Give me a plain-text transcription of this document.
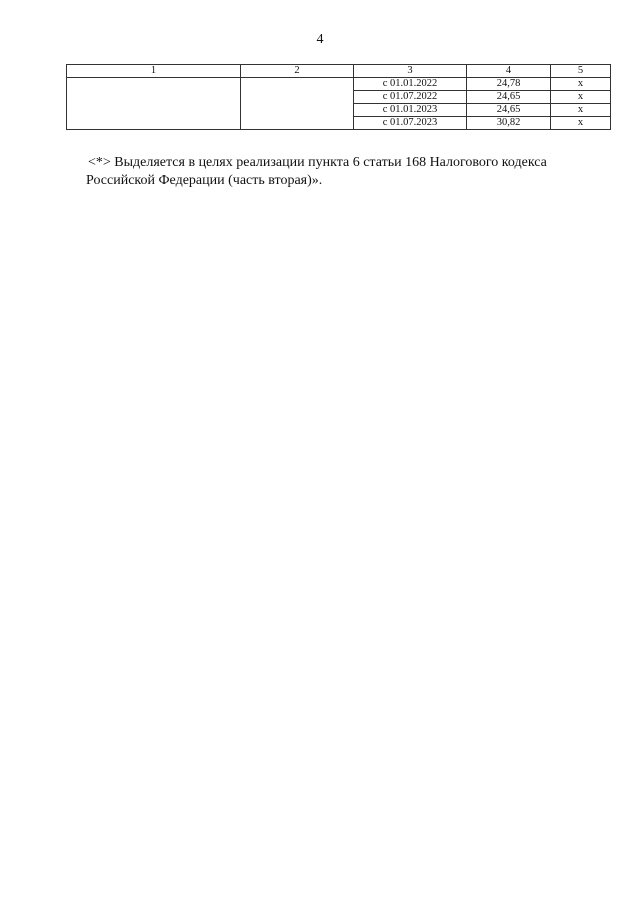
4
1	2	3	4	5
		с 01.01.2022	24,78	х
		с 01.07.2022	24,65	х
		с 01.01.2023	24,65	х
		с 01.07.2023	30,82	х
<*> Выделяется в целях реализации пункта 6 статьи 168 Налогового кодекса
Российской Федерации (часть вторая)».
